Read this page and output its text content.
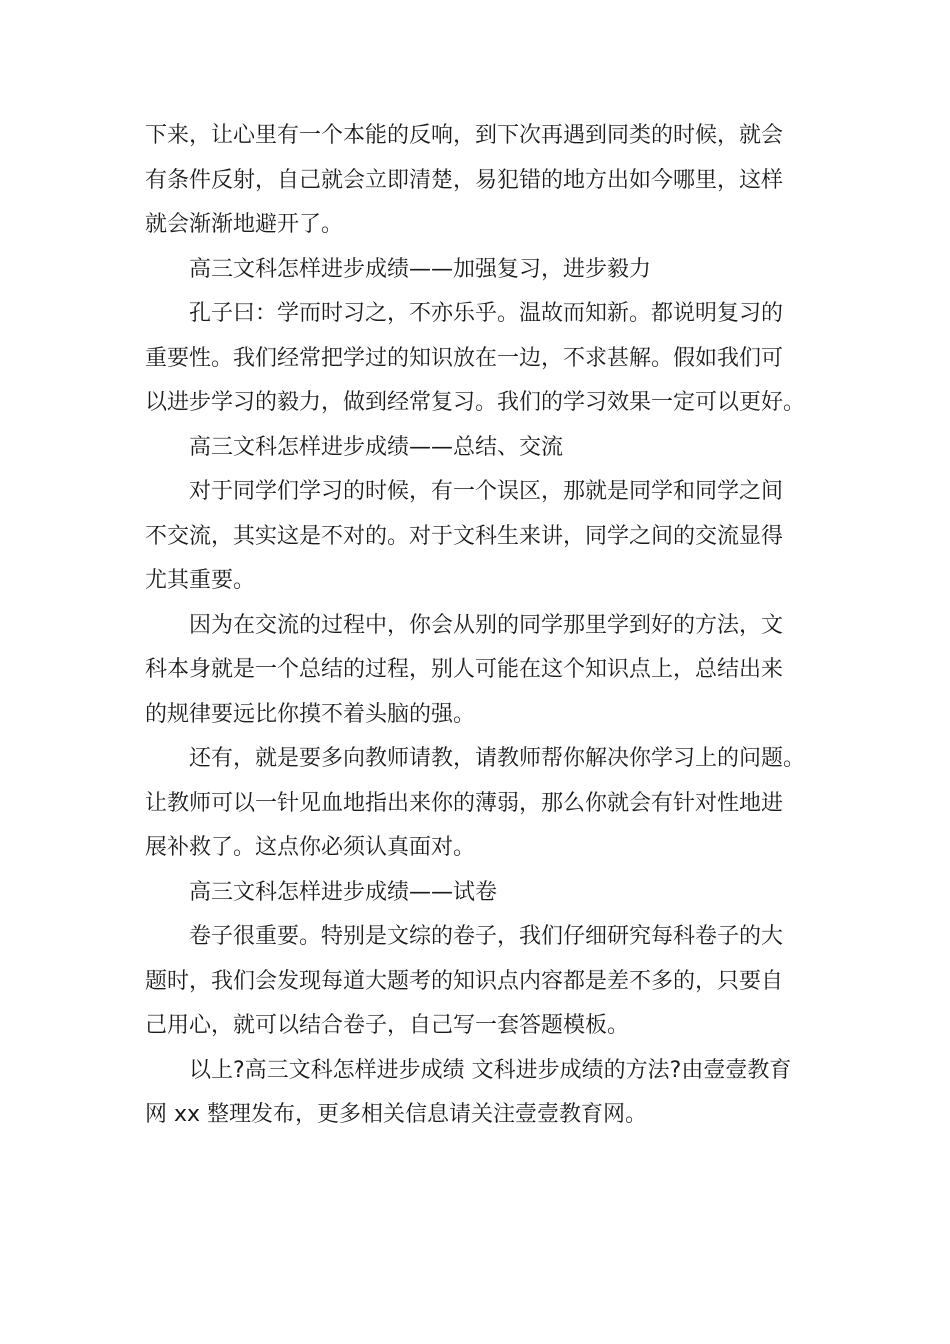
下来，让心里有一个本能的反响，到下次再遇到同类的时候，就会
有条件反射，自己就会立即清楚，易犯错的地方出如今哪里，这样
就会渐渐地避开了。
高三文科怎样进步成绩——加强复习，进步毅力
孔子曰：学而时习之，不亦乐乎。温故而知新。都说明复习的
重要性。我们经常把学过的知识放在一边，不求甚解。假如我们可
以进步学习的毅力，做到经常复习。我们的学习效果一定可以更好。
高三文科怎样进步成绩——总结、交流
对于同学们学习的时候，有一个误区，那就是同学和同学之间
不交流，其实这是不对的。对于文科生来讲，同学之间的交流显得
尤其重要。
因为在交流的过程中，你会从别的同学那里学到好的方法，文
科本身就是一个总结的过程，别人可能在这个知识点上，总结出来
的规律要远比你摸不着头脑的强。
还有，就是要多向教师请教，请教师帮你解决你学习上的问题。
让教师可以一针见血地指出来你的薄弱，那么你就会有针对性地进
展补救了。这点你必须认真面对。
高三文科怎样进步成绩——试卷
卷子很重要。特别是文综的卷子，我们仔细研究每科卷子的大
题时，我们会发现每道大题考的知识点内容都是差不多的，只要自
己用心，就可以结合卷子，自己写一套答题模板。
以上?高三文科怎样进步成绩 文科进步成绩的方法?由壹壹教育
网 xx 整理发布，更多相关信息请关注壹壹教育网。
